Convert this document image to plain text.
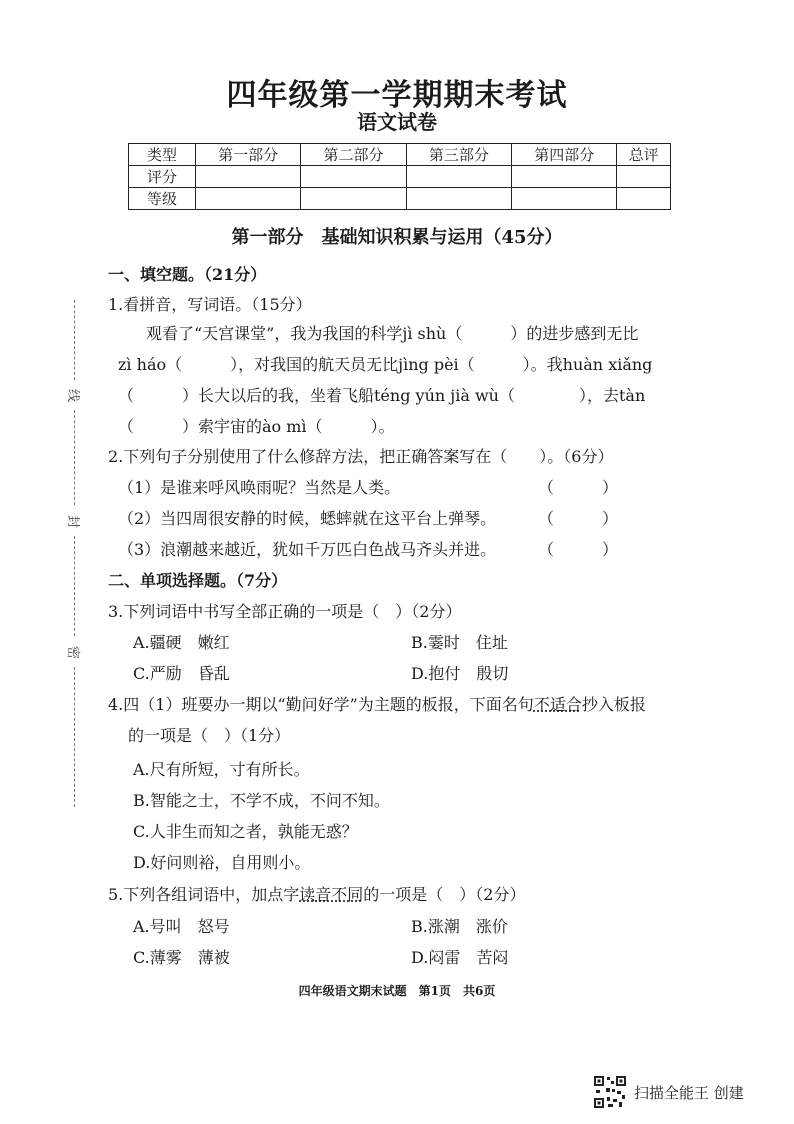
四年级第一学期期末考试
语文试卷
类型	第一部分	第二部分	第三部分	第四部分	总评
评分					
等级					
第一部分　基础知识积累与运用（45分）
一、填空题。（21分）
1.看拼音，写词语。（15分）
观看了“天宫课堂”，我为我国的科学jì shù（　　　）的进步感到无比
zì háo（　　　），对我国的航天员无比jìng pèi（　　　）。我huàn xiǎng
（　　　）长大以后的我，坐着飞船téng yún jià wù（　　　　），去tàn
（　　　）索宇宙的ào mì（　　　）。
2.下列句子分别使用了什么修辞方法，把正确答案写在（　　）。（6分）
（1）是谁来呼风唤雨呢？当然是人类。	（　　　）
（2）当四周很安静的时候，蟋蟀就在这平台上弹琴。	（　　　）
（3）浪潮越来越近，犹如千万匹白色战马齐头并进。	（　　　）
二、单项选择题。（7分）
3.下列词语中书写全部正确的一项是（　）（2分）
A.疆硬　嫩红	B.霎时　住址
C.严励　昏乱	D.抱付　殷切
4.四（1）班要办一期以“勤问好学”为主题的板报，下面名句不适合抄入板报
的一项是（　）（1分）
A.尺有所短，寸有所长。
B.智能之士，不学不成，不问不知。
C.人非生而知之者，孰能无惑？
D.好问则裕，自用则小。
5.下列各组词语中，加点字读音不同的一项是（　）（2分）
A.号叫　怒号	B.涨潮　涨价
C.薄雾　薄被	D.闷雷　苦闷
线
封
密
四年级语文期末试题　第1页　共6页
扫描全能王 创建
